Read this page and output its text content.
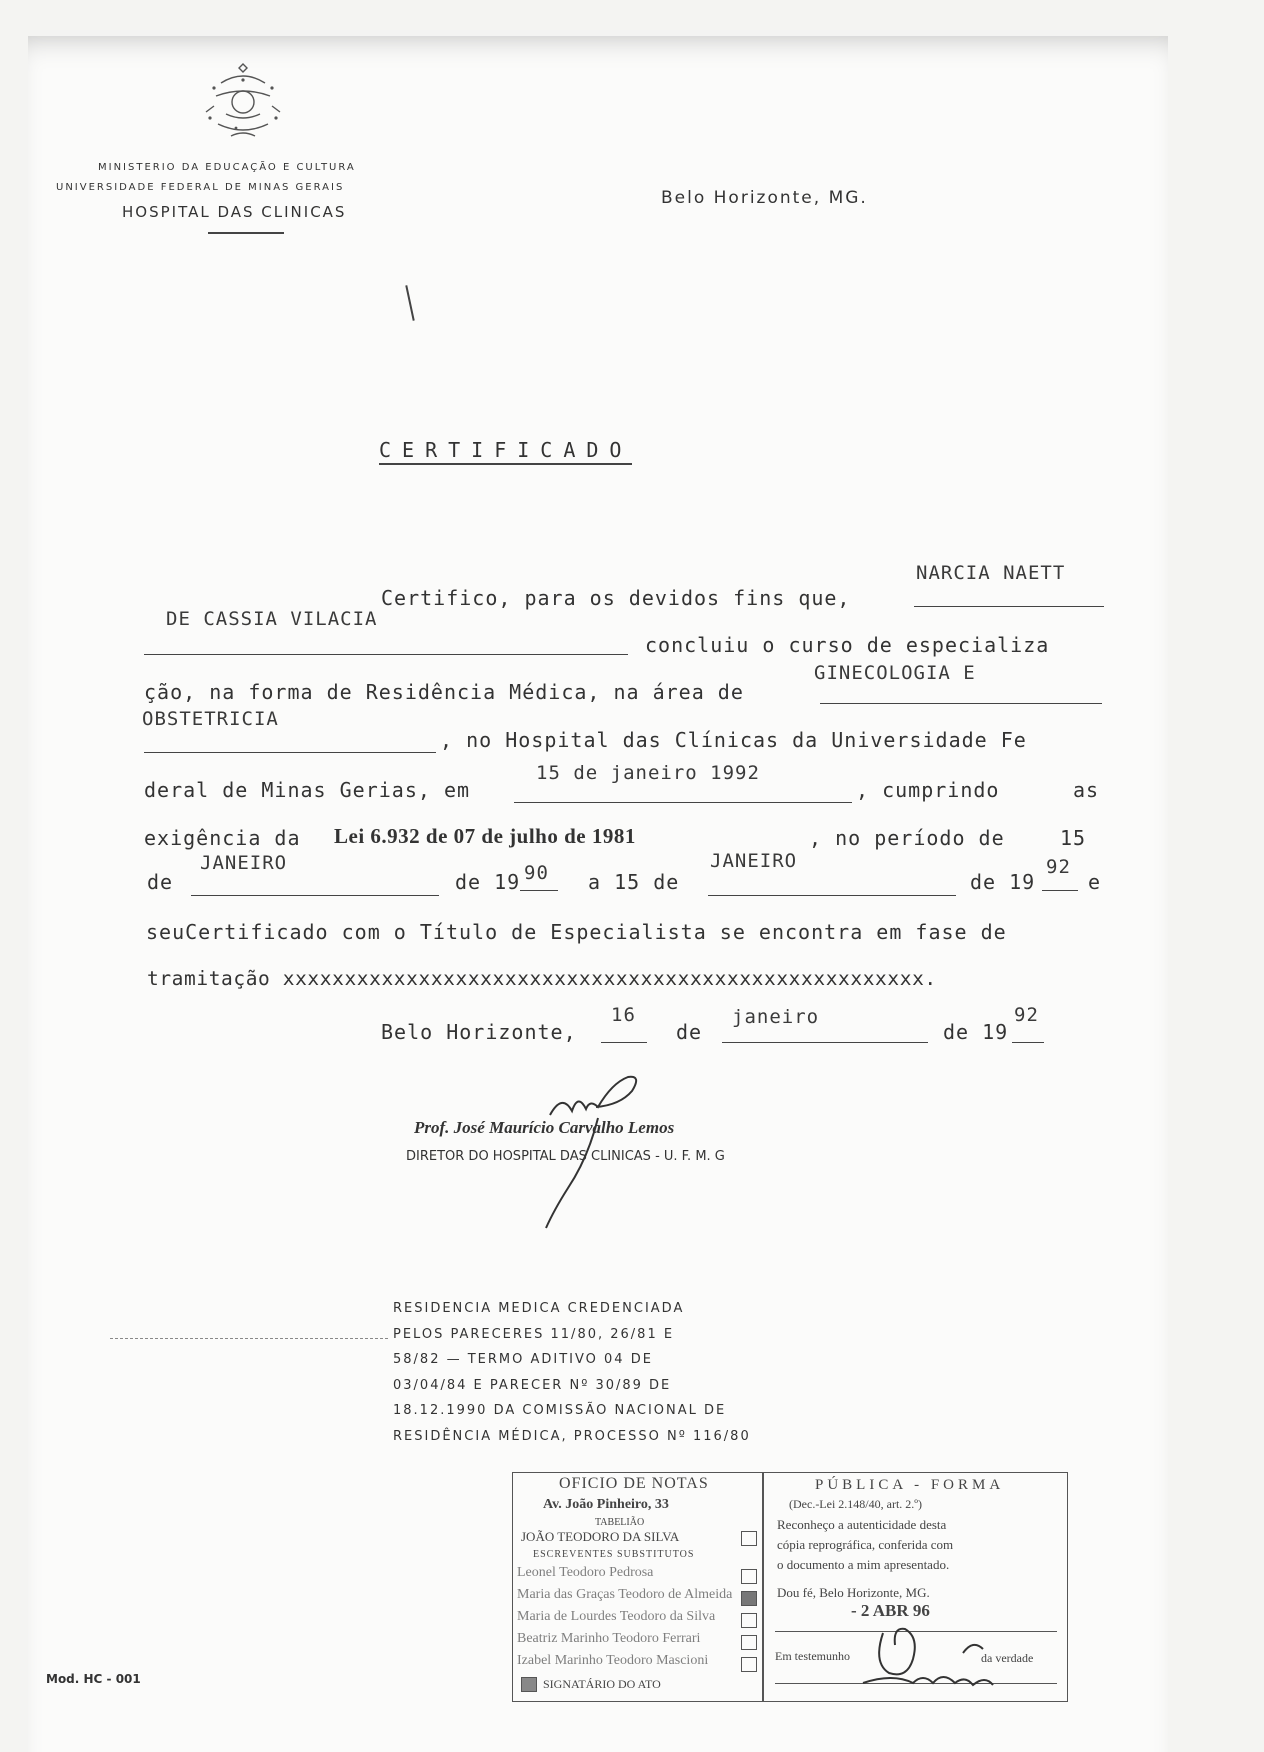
MINISTERIO DA EDUCAÇÃO E CULTURA
UNIVERSIDADE FEDERAL DE MINAS GERAIS
HOSPITAL DAS CLINICAS
Belo Horizonte, MG.
CERTIFICADO
NARCIA NAETT
Certifico, para os devidos fins que,
DE CASSIA VILACIA
concluiu o curso de especializa
ção, na forma de Residência Médica, na área de
GINECOLOGIA E
OBSTETRICIA
, no Hospital das Clínicas da Universidade Fe
deral de Minas Gerias, em
15 de janeiro 1992
, cumprindo	as
exigência da Lei 6.932 de 07 de julho de 1981	, no período de	15
de
JANEIRO
de 19 90 a 15 de
JANEIRO
de 19
92
e
seuCertificado com o Título de Especialista se encontra em fase de
tramitação xxxxxxxxxxxxxxxxxxxxxxxxxxxxxxxxxxxxxxxxxxxxxxxxxxxx.
Belo Horizonte,
16
de
janeiro
de 19
92
Prof. José Maurício Carvalho Lemos
DIRETOR DO HOSPITAL DAS CLINICAS - U. F. M. G
RESIDENCIA MEDICA CREDENCIADA
PELOS PARECERES 11/80, 26/81 E
58/82 — TERMO ADITIVO 04 DE
03/04/84 E PARECER Nº 30/89 DE
18.12.1990 DA COMISSÃO NACIONAL DE
RESIDÊNCIA MÉDICA, PROCESSO Nº 116/80
OFICIO DE NOTAS
Av. João Pinheiro, 33
TABELIÃO
JOÃO TEODORO DA SILVA
ESCREVENTES SUBSTITUTOS
Leonel Teodoro Pedrosa
Maria das Graças Teodoro de Almeida
Maria de Lourdes Teodoro da Silva
Beatriz Marinho Teodoro Ferrari
Izabel Marinho Teodoro Mascioni
SIGNATÁRIO DO ATO
PÚBLICA - FORMA
(Dec.-Lei 2.148/40, art. 2.º)
Reconheço a autenticidade desta
cópia reprográfica, conferida com
o documento a mim apresentado.
Dou fé, Belo Horizonte, MG.
- 2 ABR 96
Em testemunho	da verdade
Mod. HC - 001
